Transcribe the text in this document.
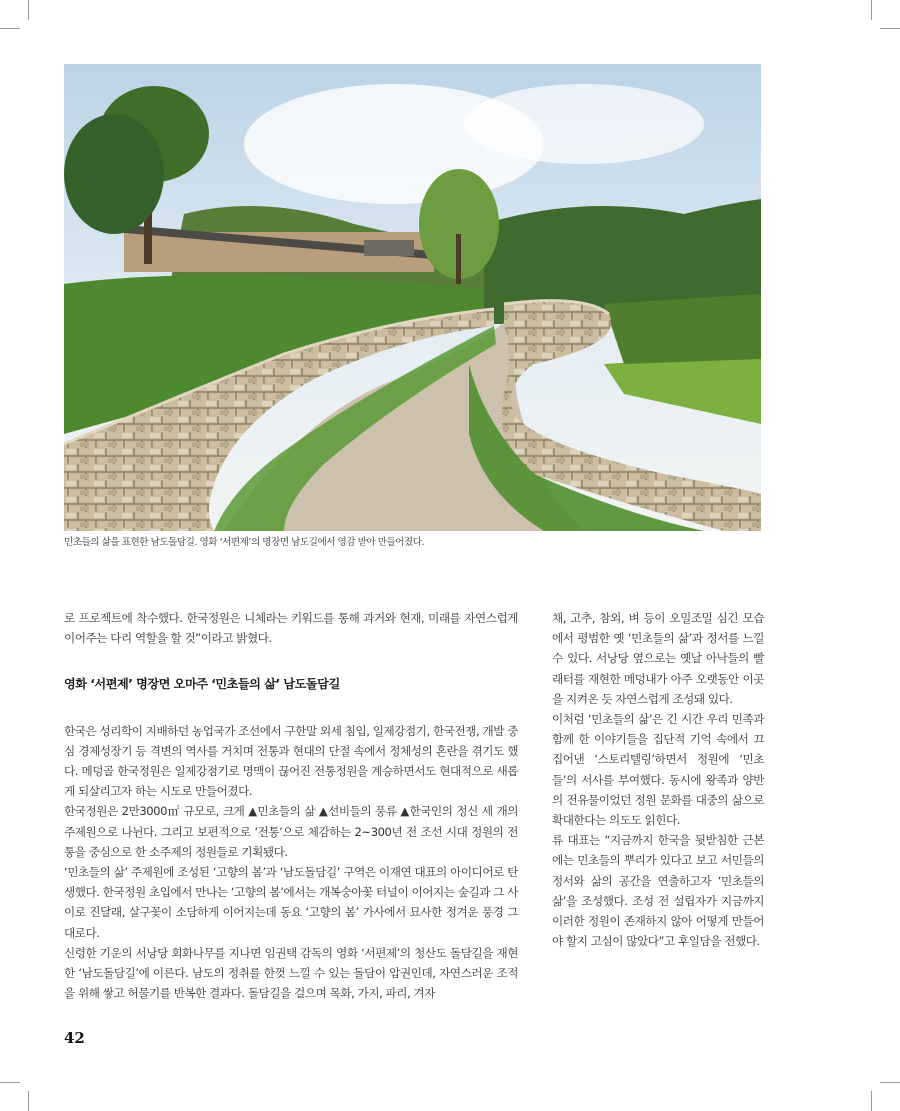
민초들의 삶을 표현한 남도돌담길. 영화 ‘서편제’의 명장면 남도길에서 영감 받아 만들어졌다.

로 프로젝트에 착수했다. 한국정원은 니체라는 키워드를 통해 과거와 현재, 미래를 자연스럽게 이어주는 다리 역할을 할 것”이라고 밝혔다.

영화 ‘서편제’ 명장면 오마주 ‘민초들의 삶’ 남도돌담길

한국은 성리학이 지배하던 농업국가 조선에서 구한말 외세 침입, 일제강점기, 한국전쟁, 개발 중심 경제성장기 등 격변의 역사를 거치며 전통과 현대의 단절 속에서 정체성의 혼란을 겪기도 했다. 메덩골 한국정원은 일제강점기로 명맥이 끊어진 전통정원을 계승하면서도 현대적으로 새롭게 되살리고자 하는 시도로 만들어졌다.

한국정원은 2만3000㎡ 규모로, 크게 ▲민초들의 삶 ▲선비들의 풍류 ▲한국인의 정신 세 개의 주제원으로 나뉜다. 그리고 보편적으로 ‘전통’으로 체감하는 2~300년 전 조선 시대 정원의 전통을 중심으로 한 소주제의 정원들로 기획됐다.

‘민초들의 삶’ 주제원에 조성된 ‘고향의 봄’과 ‘남도돌담길’ 구역은 이재연 대표의 아이디어로 탄생했다. 한국정원 초입에서 만나는 ‘고향의 봄’에서는 개복숭아꽃 터널이 이어지는 숲길과 그 사이로 진달래, 살구꽃이 소담하게 이어지는데 동요 ‘고향의 봄’ 가사에서 묘사한 정겨운 풍경 그대로다.

신령한 기운의 서낭당 회화나무를 지나면 임권택 감독의 영화 ‘서편제’의 청산도 돌담길을 재현한 ‘남도돌담길’에 이른다. 남도의 정취를 한껏 느낄 수 있는 돌담이 압권인데, 자연스러운 조적을 위해 쌓고 허물기를 반복한 결과다. 돌담길을 걸으며 목화, 가지, 파리, 겨자

채, 고추, 참외, 벼 등이 오밀조밀 심긴 모습에서 평범한 옛 ‘민초들의 삶’과 정서를 느낄 수 있다. 서낭당 옆으로는 옛날 아낙들의 빨래터를 재현한 메덩내가 아주 오랫동안 이곳을 지켜온 듯 자연스럽게 조성돼 있다.

이처럼 ‘민초들의 삶’은 긴 시간 우리 민족과 함께 한 이야기들을 집단적 기억 속에서 끄집어낸 ‘스토리텔링’하면서 정원에 ‘민초들’의 서사를 부여했다. 동시에 왕족과 양반의 전유물이었던 정원 문화를 대중의 삶으로 확대한다는 의도도 읽힌다.

류 대표는 “지금까지 한국을 뒷받침한 근본에는 민초들의 뿌리가 있다고 보고 서민들의 정서와 삶의 공간을 연출하고자 ‘민초들의 삶’을 조성했다. 조성 전 설립자가 지금까지 이러한 정원이 존재하지 않아 어떻게 만들어야 할지 고심이 많았다”고 후일담을 전했다.

42
